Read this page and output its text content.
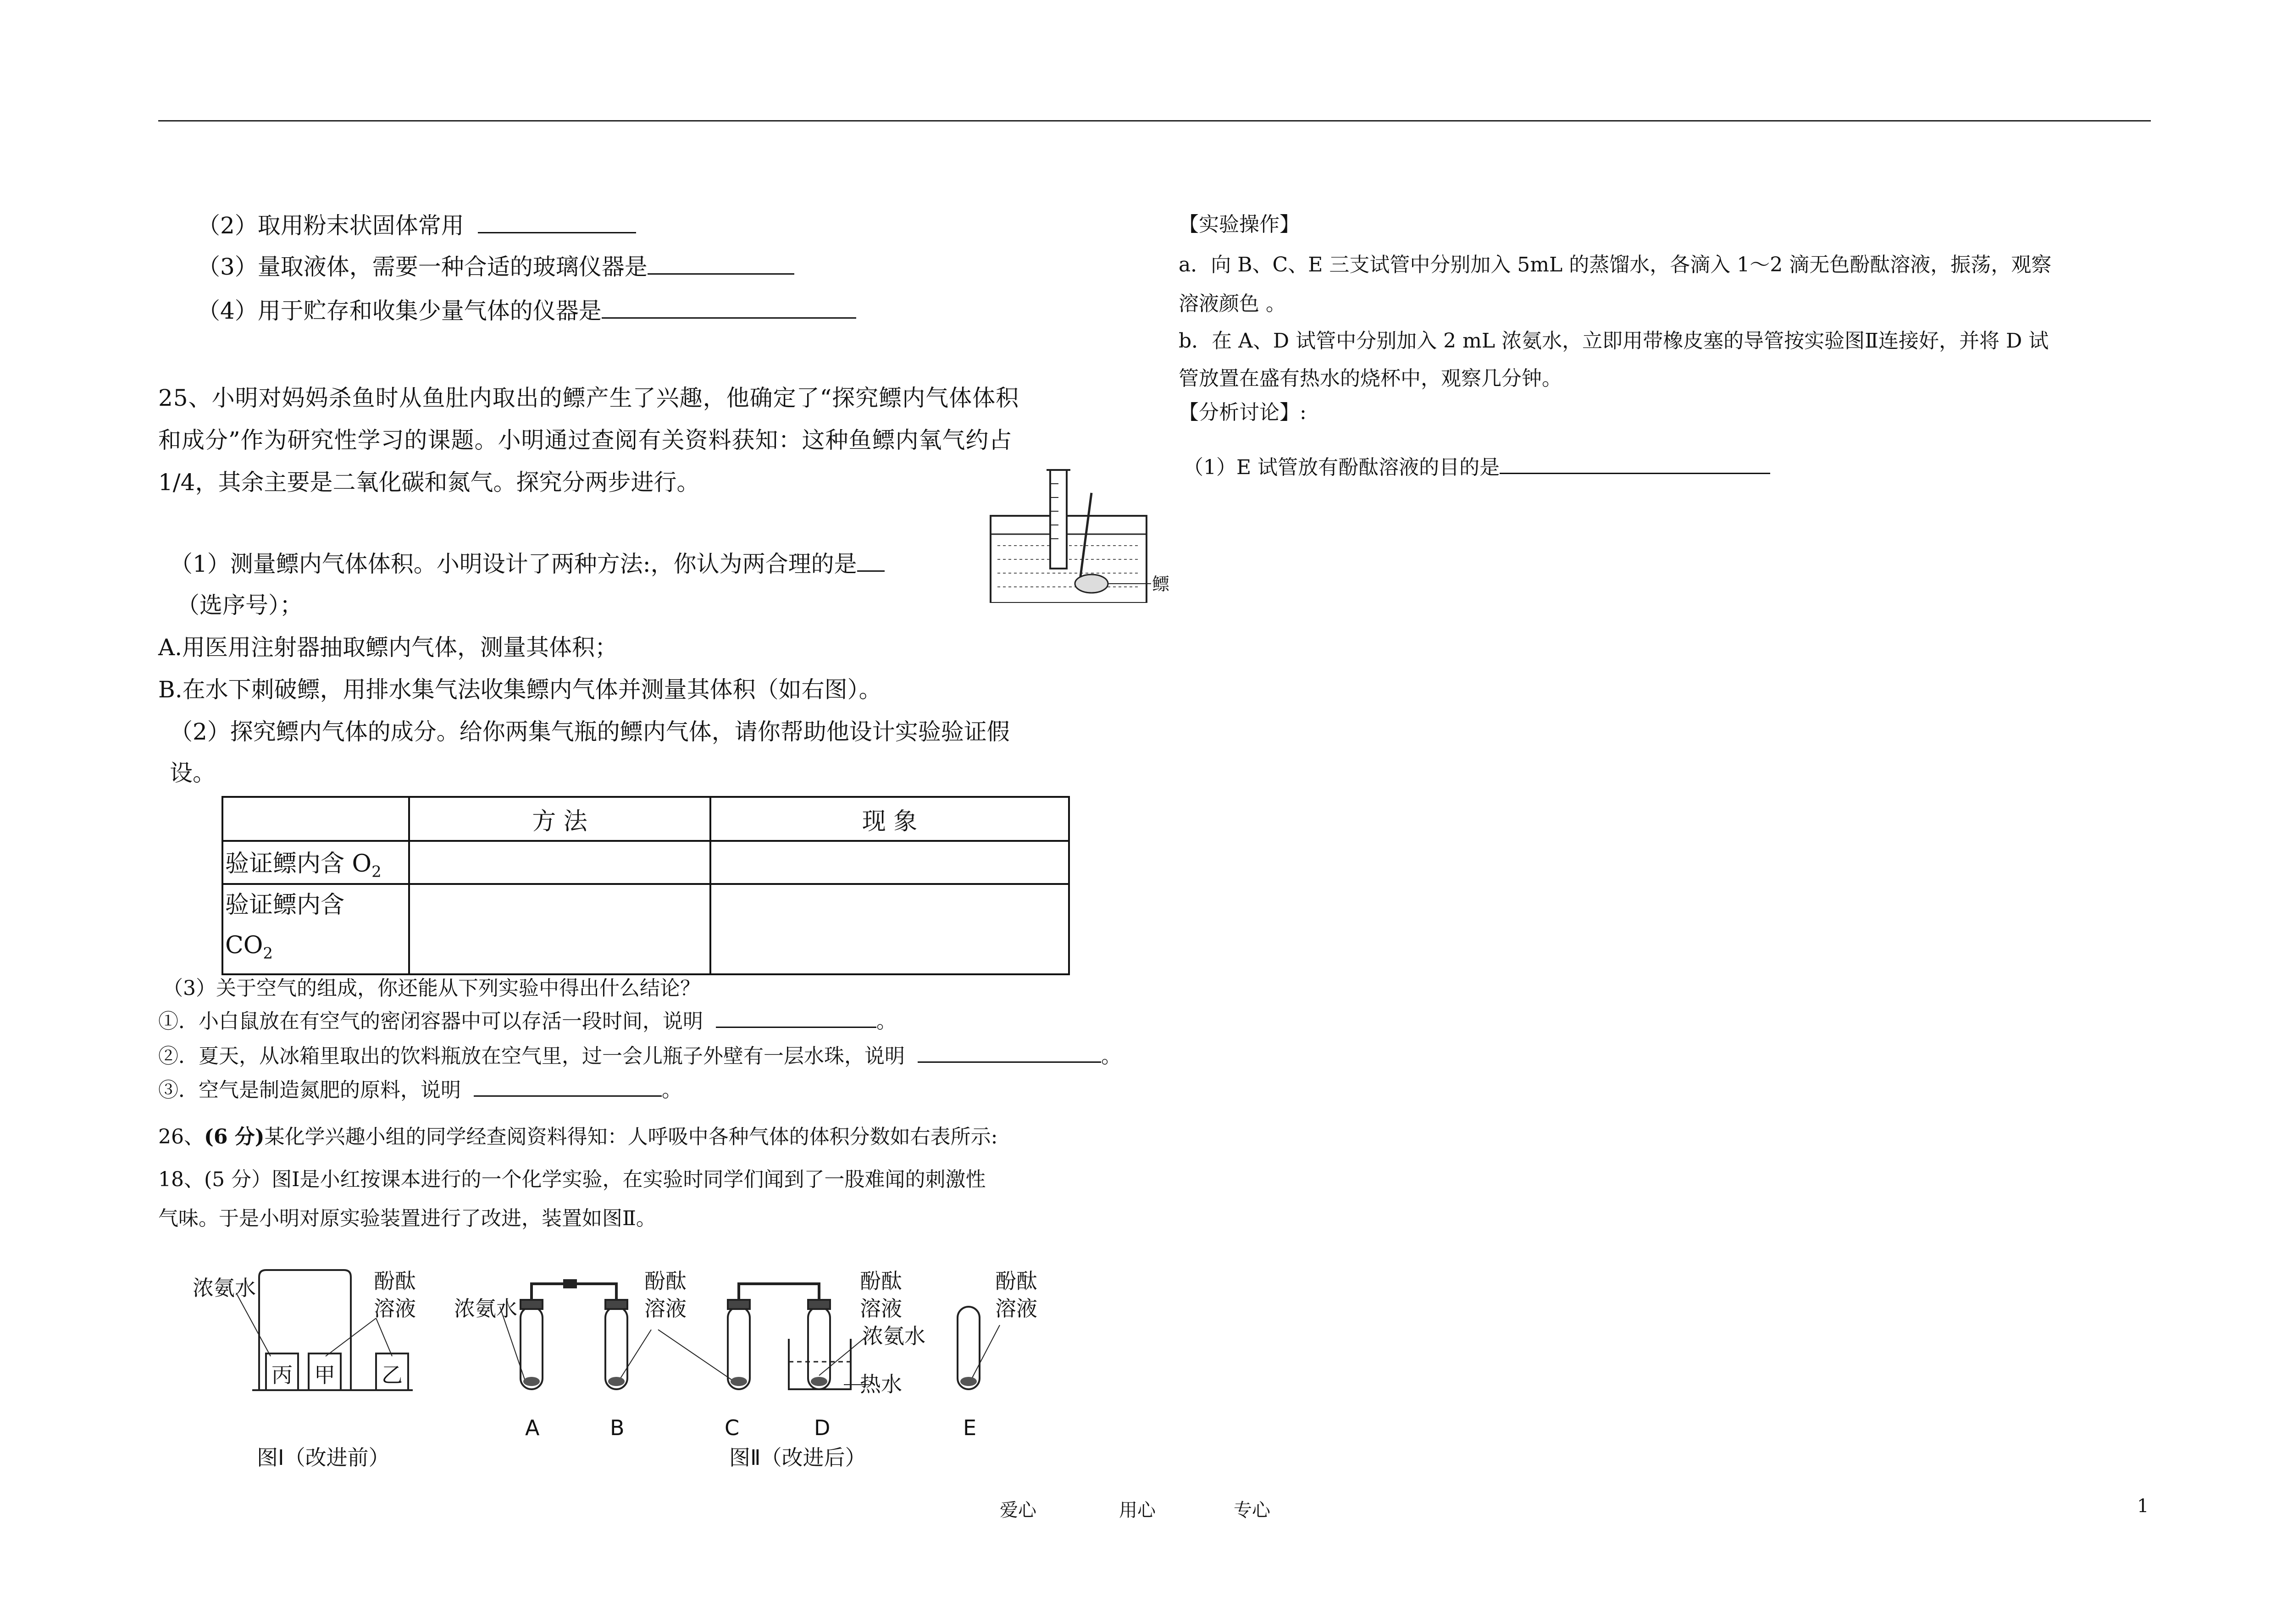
（2）取用粉末状固体常用
（3）量取液体，需要一种合适的玻璃仪器是
（4）用于贮存和收集少量气体的仪器是
25、小明对妈妈杀鱼时从鱼肚内取出的鳔产生了兴趣，他确定了“探究鳔内气体体积
和成分”作为研究性学习的课题。小明通过查阅有关资料获知：这种鱼鳔内氧气约占
1/4，其余主要是二氧化碳和氮气。探究分两步进行。
鳔
（1）测量鳔内气体体积。小明设计了两种方法:，你认为两合理的是
（选序号）；
A.用医用注射器抽取鳔内气体，测量其体积；
B.在水下刺破鳔，用排水集气法收集鳔内气体并测量其体积（如右图）。
（2）探究鳔内气体的成分。给你两集气瓶的鳔内气体，请你帮助他设计实验验证假
设。
	方 法	现 象
验证鳔内含 $O_2$		
验证鳔内含
$CO_2$		
（3）关于空气的组成，你还能从下列实验中得出什么结论？
①．小白鼠放在有空气的密闭容器中可以存活一段时间，说明	。
②．夏天，从冰箱里取出的饮料瓶放在空气里，过一会儿瓶子外壁有一层水珠，说明	。
③．空气是制造氮肥的原料，说明	。
26、(6 分)某化学兴趣小组的同学经查阅资料得知：人呼吸中各种气体的体积分数如右表所示:
18、(5 分）图Ⅰ是小红按课本进行的一个化学实验，在实验时同学们闻到了一股难闻的刺激性
气味。于是小明对原实验装置进行了改进，装置如图Ⅱ。
浓氨水	酚酞
溶液
丙 甲 乙
图Ⅰ（改进前）
浓氨水
酚酞
溶液
酚酞
溶液
浓氨水
热水
酚酞
溶液
A	B	C	D	E
图Ⅱ（改进后）
【实验操作】
a．向 B、C、E 三支试管中分别加入 5mL 的蒸馏水，各滴入 1～2 滴无色酚酞溶液，振荡，观察
溶液颜色 。
b．在 A、D 试管中分别加入 2 mL 浓氨水，立即用带橡皮塞的导管按实验图Ⅱ连接好，并将 D 试
管放置在盛有热水的烧杯中，观察几分钟。
【分析讨论】:
（1）E 试管放有酚酞溶液的目的是
爱心	用心	专心	1
